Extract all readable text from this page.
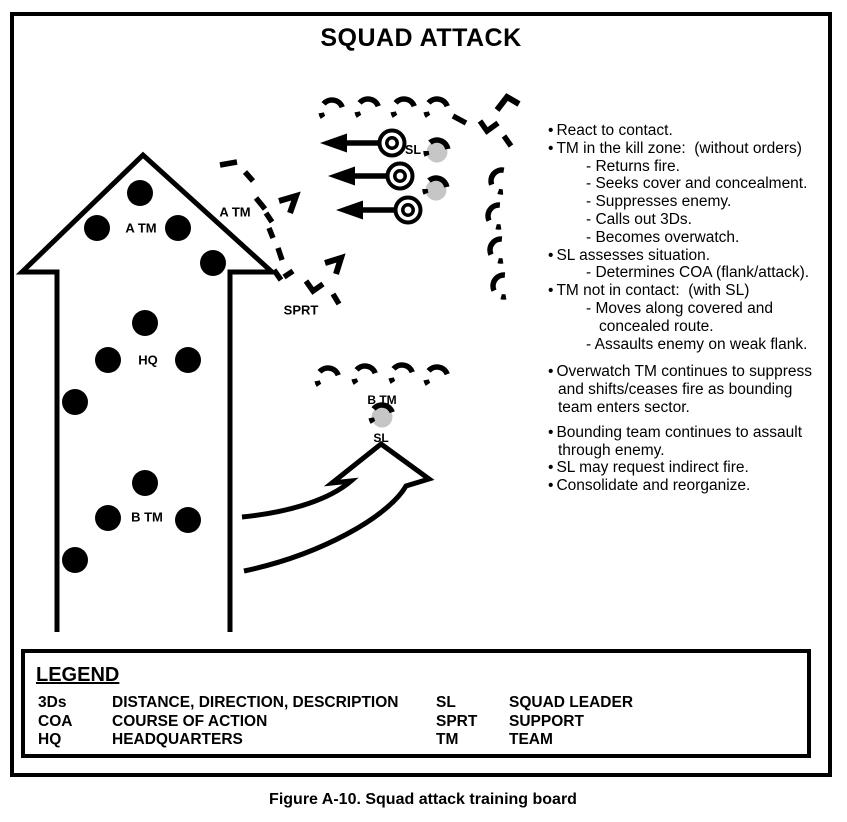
SQUAD ATTACK
SL
A TM
HQ
B TM
A TM
SPRT
B TM
SL
• React to contact.
• TM in the kill zone:  (without orders)
- Returns fire.
- Seeks cover and concealment.
- Suppresses enemy.
- Calls out 3Ds.
- Becomes overwatch.
• SL assesses situation.
- Determines COA (flank/attack).
• TM not in contact:  (with SL)
- Moves along covered and
concealed route.
- Assaults enemy on weak flank.
• Overwatch TM continues to suppress
and shifts/ceases fire as bounding
team enters sector.
• Bounding team continues to assault
through enemy.
• SL may request indirect fire.
• Consolidate and reorganize.
LEGEND
3Ds	DISTANCE, DIRECTION, DESCRIPTION	SL	SQUAD LEADER
COA	COURSE OF ACTION	SPRT	SUPPORT
HQ	HEADQUARTERS	TM	TEAM
Figure A-10. Squad attack training board
